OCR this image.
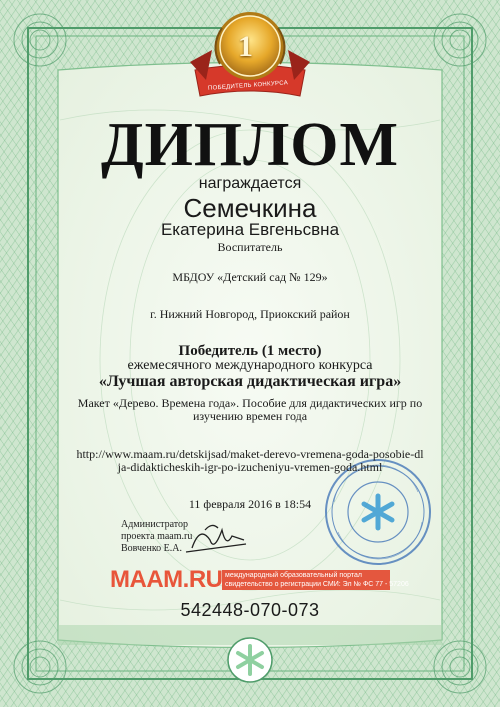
1
ПОБЕДИТЕЛЬ КОНКУРСА
ДИПЛОМ
награждается
Семечкина
Екатерина Евгеньсвна
Воспитатель
МБДОУ «Детский сад № 129»
г. Нижний Новгород, Приокский район
Победитель (1 место)
ежемесячного международного конкурса
«Лучшая авторская дидактическая игра»
Макет «Дерево. Времена года». Пособие для дидактических игр по изучению времен года
http://www.maam.ru/detskijsad/maket-derevo-vremena-goda-posobie-dlja-didakticheskih-igr-po-izucheniyu-vremen-goda.html
11 февраля 2016 в 18:54
Администратор
проекта maam.ru
Вовченко Е.А.
MAAM.RU международный образовательный портал
свидетельство о регистрации СМИ: Эл № ФС 77 - 57206
542448-070-073
